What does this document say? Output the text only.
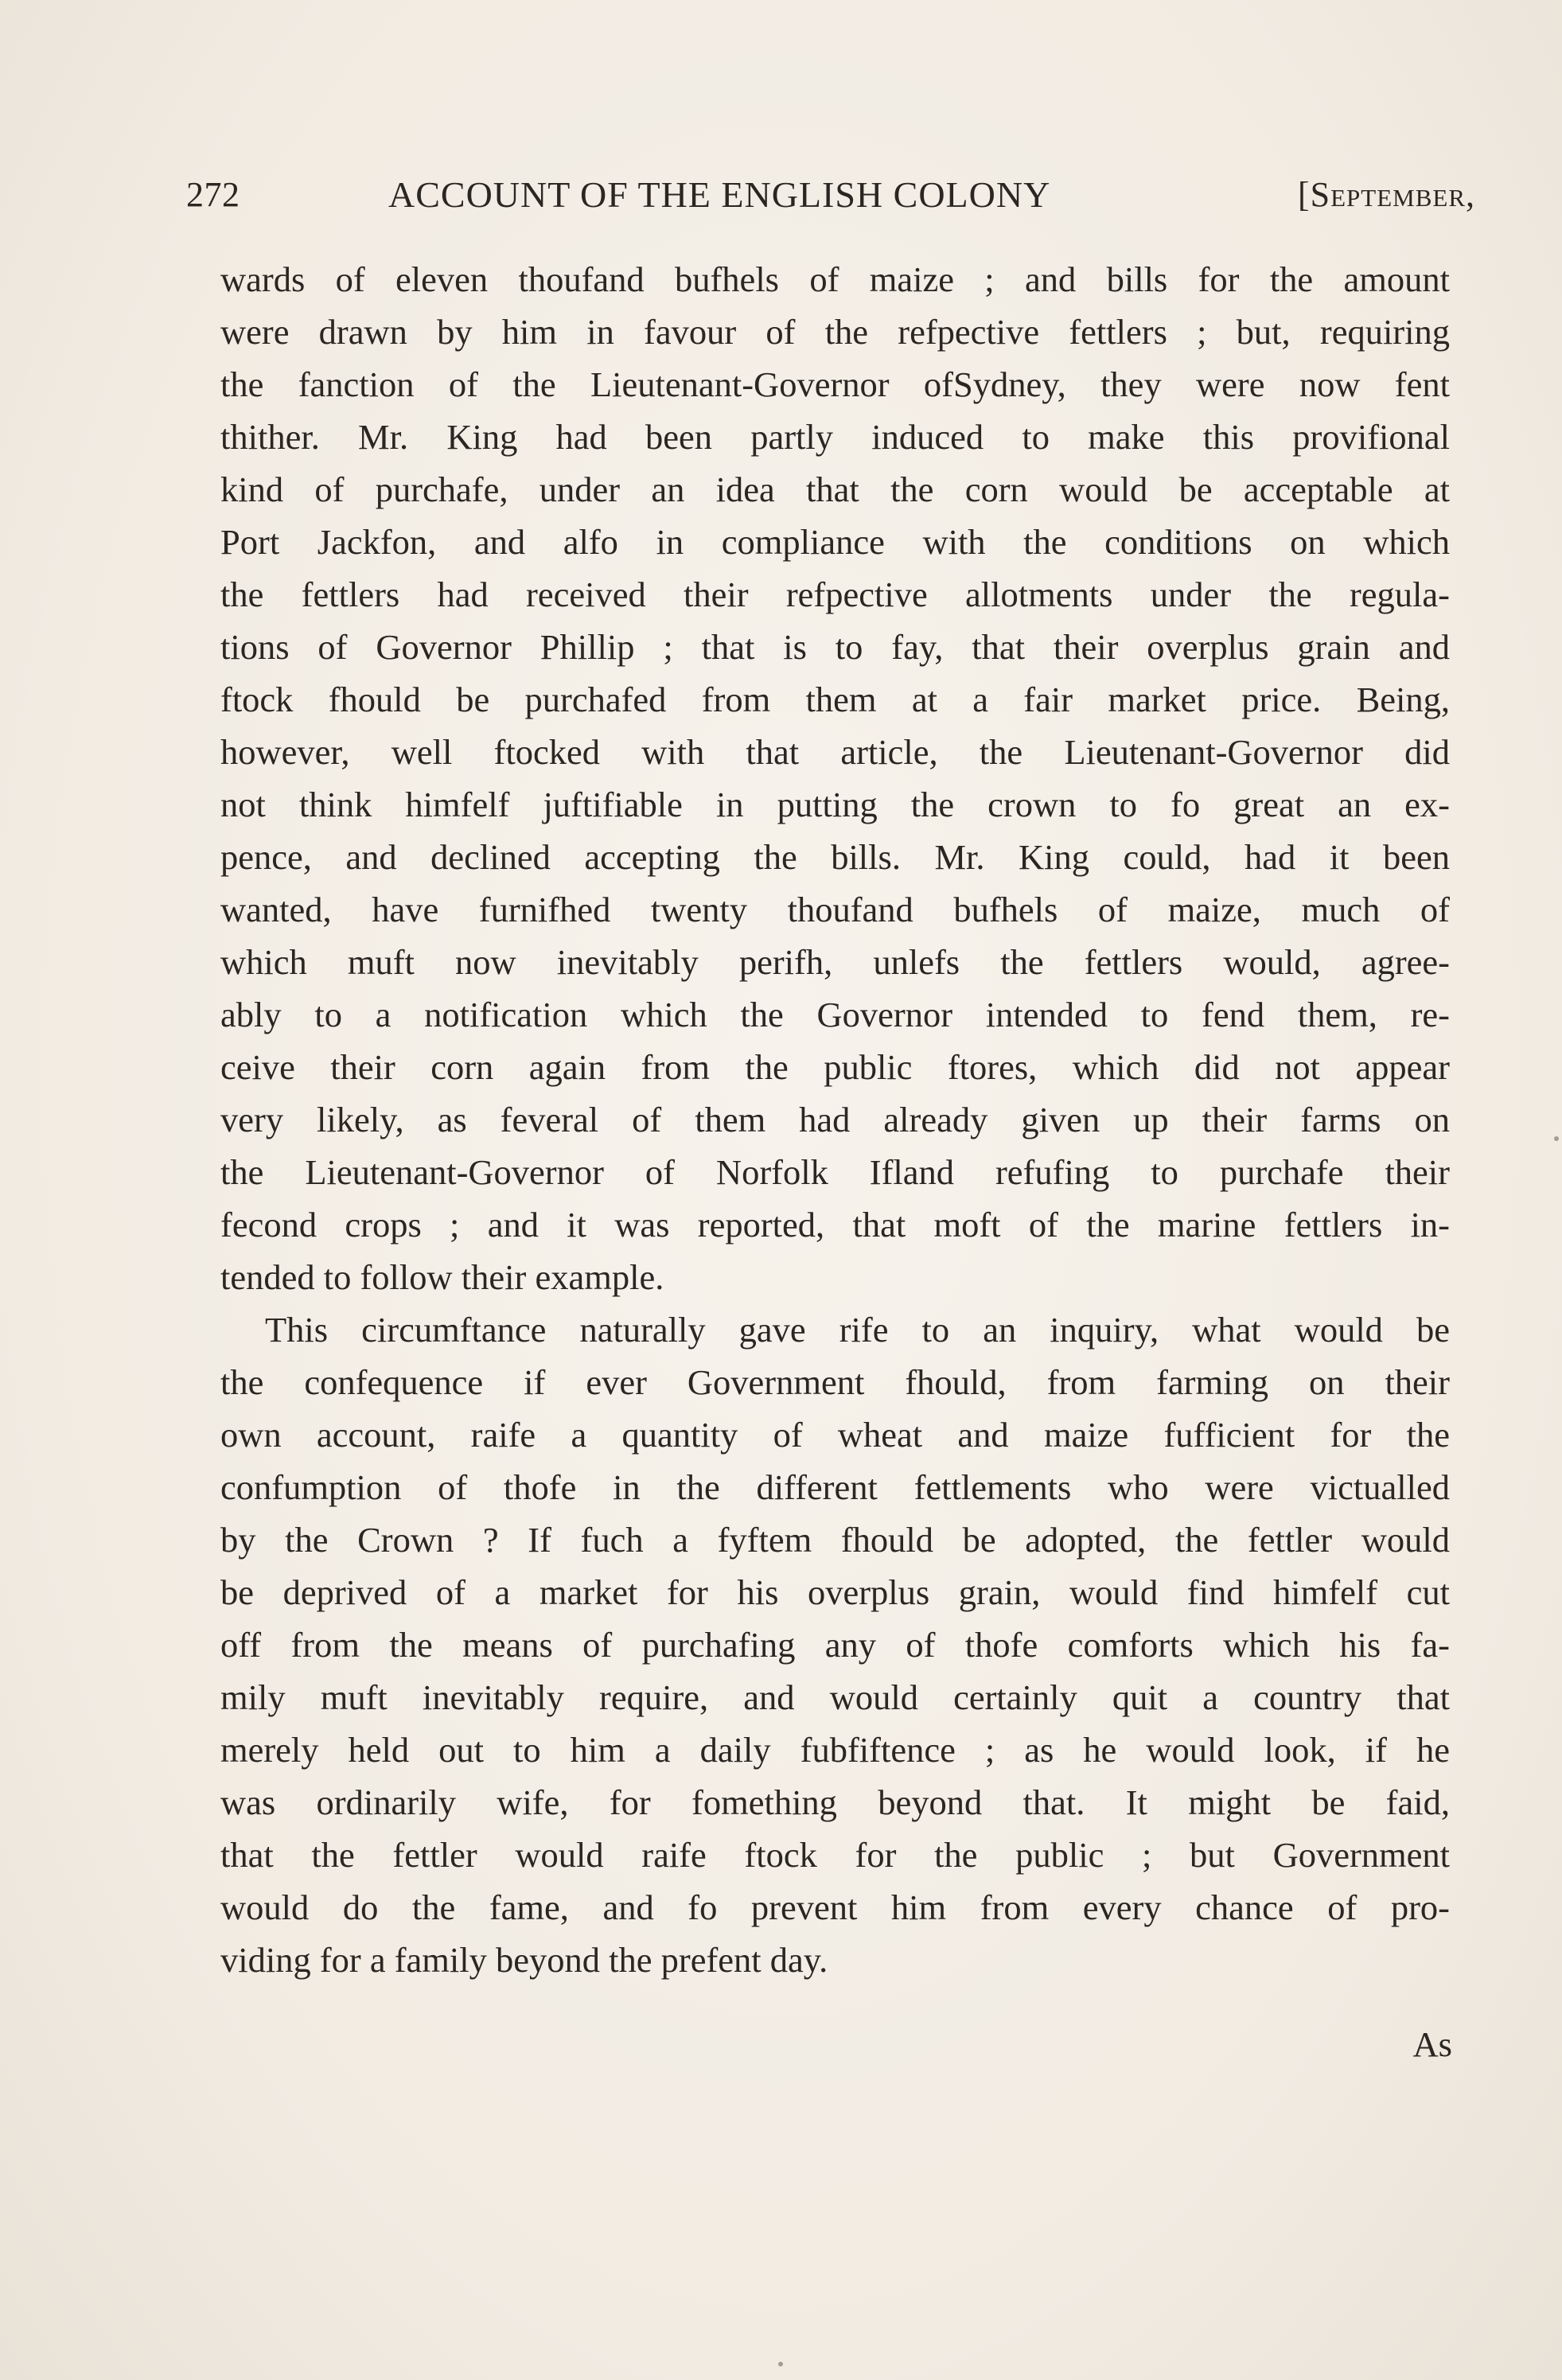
272	ACCOUNT OF THE ENGLISH COLONY	[September,
wards of eleven thoufand bufhels of maize ; and bills for the amount
were drawn by him in favour of the refpective fettlers ; but, requiring
the fanction of the Lieutenant-Governor ofSydney, they were now fent
thither. Mr. King had been partly induced to make this provifional
kind of purchafe, under an idea that the corn would be acceptable at
Port Jackfon, and alfo in compliance with the conditions on which
the fettlers had received their refpective allotments under the regula-
tions of Governor Phillip ; that is to fay, that their overplus grain and
ftock fhould be purchafed from them at a fair market price. Being,
however, well ftocked with that article, the Lieutenant-Governor did
not think himfelf juftifiable in putting the crown to fo great an ex-
pence, and declined accepting the bills. Mr. King could, had it been
wanted, have furnifhed twenty thoufand bufhels of maize, much of
which muft now inevitably perifh, unlefs the fettlers would, agree-
ably to a notification which the Governor intended to fend them, re-
ceive their corn again from the public ftores, which did not appear
very likely, as feveral of them had already given up their farms on
the Lieutenant-Governor of Norfolk Ifland refufing to purchafe their
fecond crops ; and it was reported, that moft of the marine fettlers in-
tended to follow their example.
This circumftance naturally gave rife to an inquiry, what would be
the confequence if ever Government fhould, from farming on their
own account, raife a quantity of wheat and maize fufficient for the
confumption of thofe in the different fettlements who were victualled
by the Crown ? If fuch a fyftem fhould be adopted, the fettler would
be deprived of a market for his overplus grain, would find himfelf cut
off from the means of purchafing any of thofe comforts which his fa-
mily muft inevitably require, and would certainly quit a country that
merely held out to him a daily fubfiftence ; as he would look, if he
was ordinarily wife, for fomething beyond that. It might be faid,
that the fettler would raife ftock for the public ; but Government
would do the fame, and fo prevent him from every chance of pro-
viding for a family beyond the prefent day.
As
